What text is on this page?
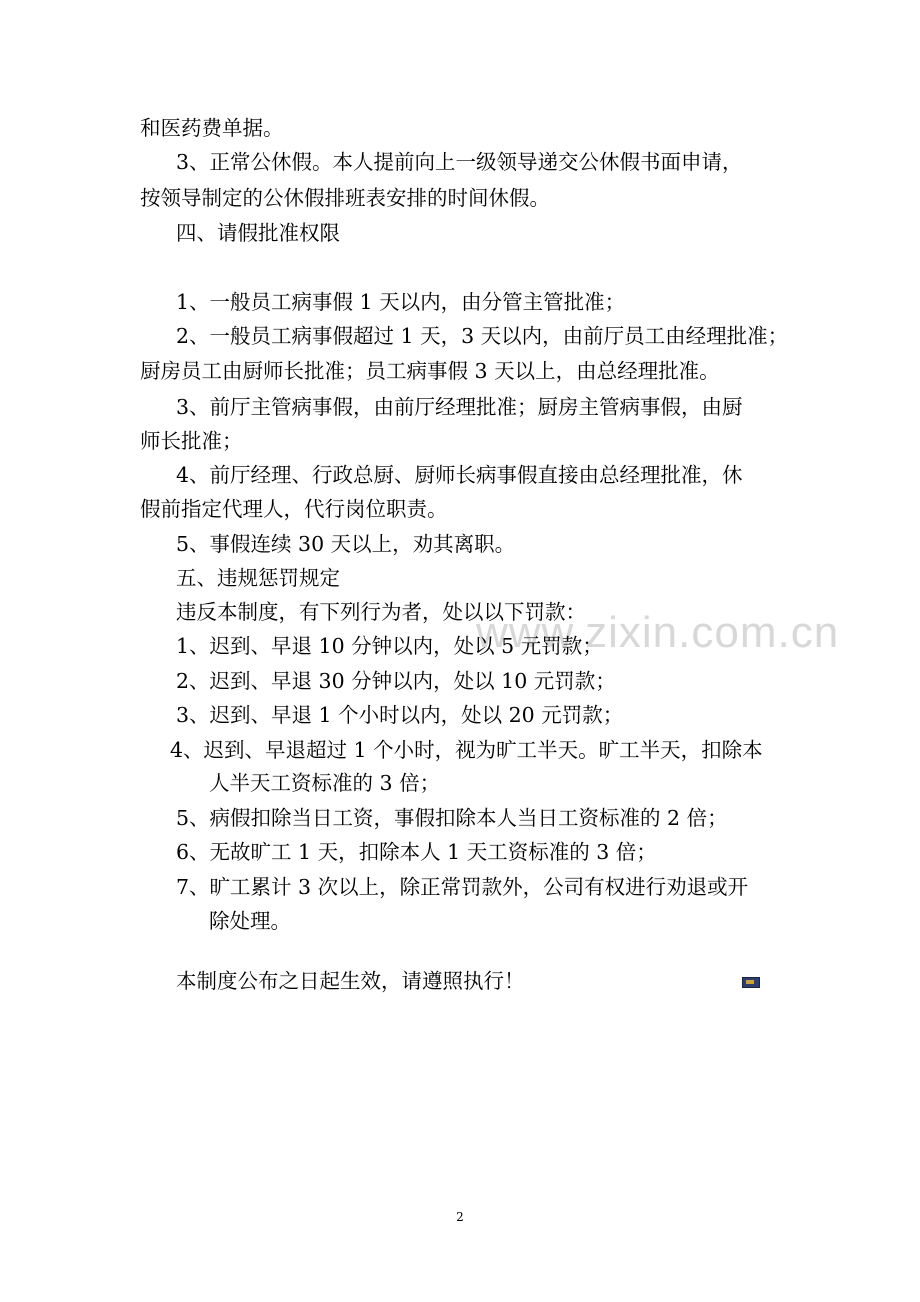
www.zixin.com.cn
和医药费单据。
3、正常公休假。本人提前向上一级领导递交公休假书面申请，
按领导制定的公休假排班表安排的时间休假。
四、请假批准权限
1、一般员工病事假 1 天以内，由分管主管批准；
2、一般员工病事假超过 1 天，3 天以内，由前厅员工由经理批准；
厨房员工由厨师长批准；员工病事假 3 天以上，由总经理批准。
3、前厅主管病事假，由前厅经理批准；厨房主管病事假，由厨
师长批准；
4、前厅经理、行政总厨、厨师长病事假直接由总经理批准，休
假前指定代理人，代行岗位职责。
5、事假连续 30 天以上，劝其离职。
五、违规惩罚规定
违反本制度，有下列行为者，处以以下罚款：
1、迟到、早退 10 分钟以内，处以 5 元罚款；
2、迟到、早退 30 分钟以内，处以 10 元罚款；
3、迟到、早退 1 个小时以内，处以 20 元罚款；
4、迟到、早退超过 1 个小时，视为旷工半天。旷工半天，扣除本
人半天工资标准的 3 倍；
5、病假扣除当日工资，事假扣除本人当日工资标准的 2 倍；
6、无故旷工 1 天，扣除本人 1 天工资标准的 3 倍；
7、旷工累计 3 次以上，除正常罚款外，公司有权进行劝退或开
除处理。
本制度公布之日起生效，请遵照执行！
2
